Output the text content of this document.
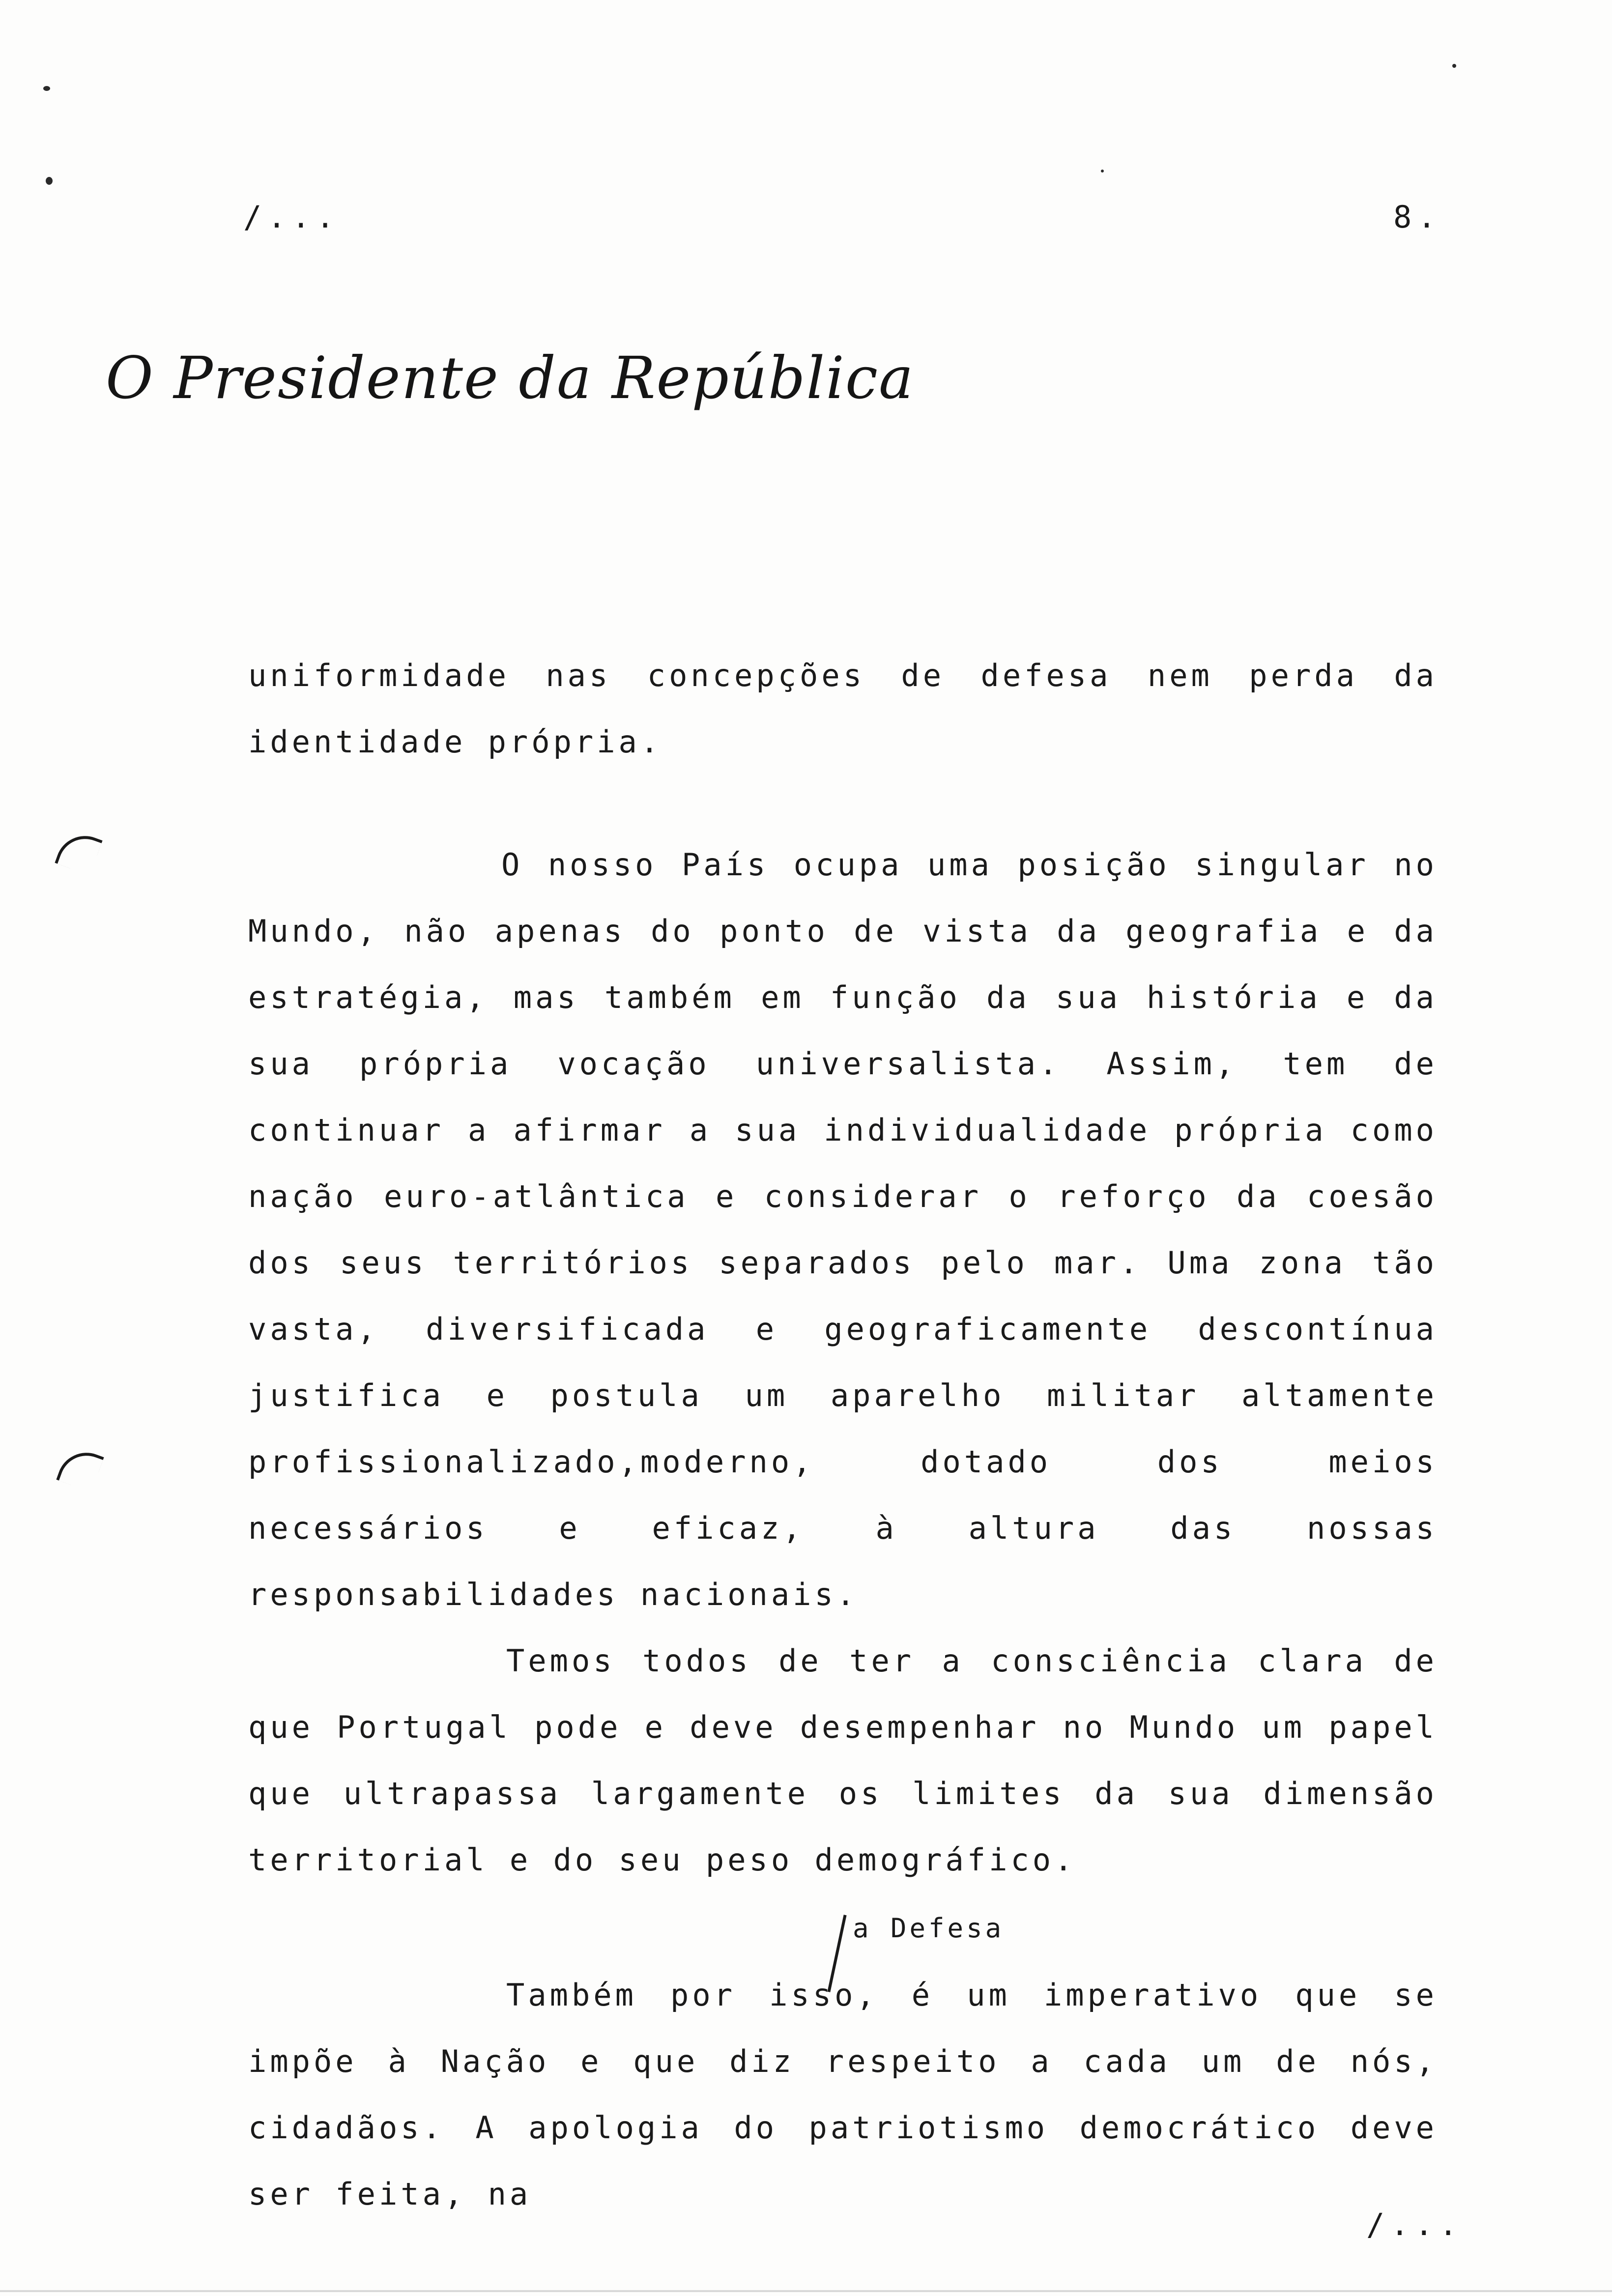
/...	8.
O Presidente da República

uniformidade nas concepções de defesa nem perda da identidade própria.

O nosso País ocupa uma posição singular no Mundo, não apenas do ponto de vista da geografia e da estratégia, mas também em função da sua história e da sua própria vocação universalista. Assim, tem de continuar a afirmar a sua individualidade própria como nação euro-atlântica e considerar o reforço da coesão dos seus territórios separados pelo mar. Uma zona tão vasta, diversificada e geograficamente descontínua justifica e postula um aparelho militar altamente profissionalizado,moderno, dotado dos meios necessários e eficaz, à altura das nossas responsabilidades nacionais.

Temos todos de ter a consciência clara de que Portugal pode e deve desempenhar no Mundo um papel que ultrapassa largamente os limites da sua dimensão territorial e do seu peso demográfico.

a Defesa

Também por isso, é um imperativo que se impõe à Nação e que diz respeito a cada um de nós, cidadãos. A apologia do patriotismo democrático deve ser feita, na

/...
